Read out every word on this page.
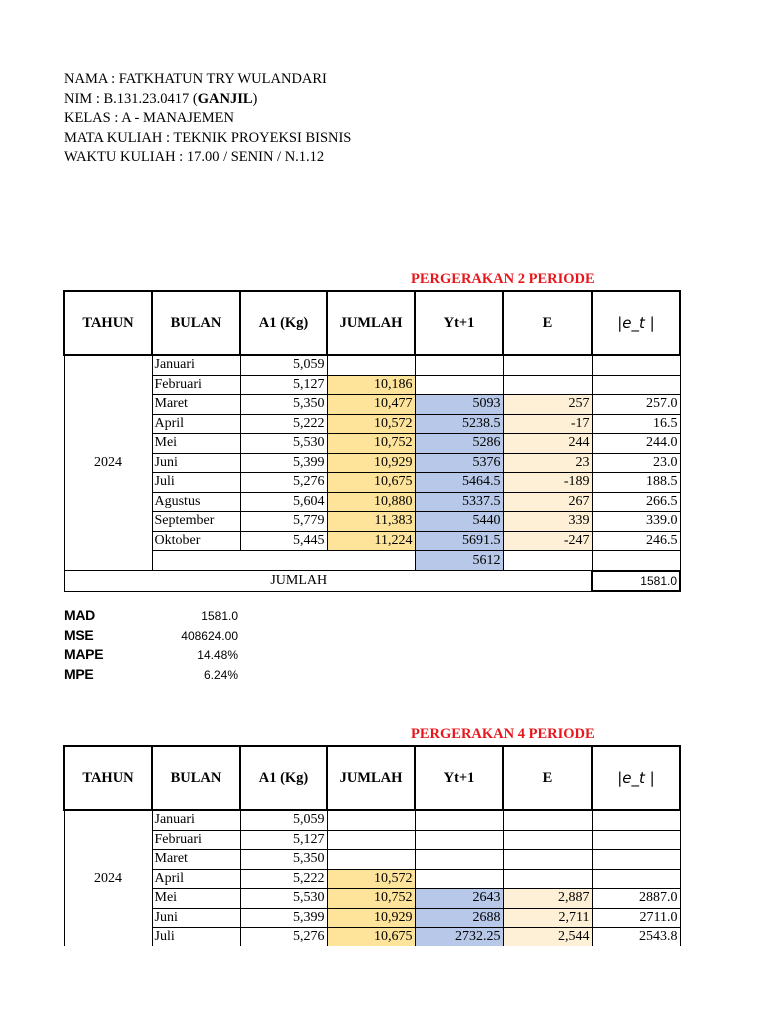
NAMA : FATKHATUN TRY WULANDARI
NIM : B.131.23.0417 (GANJIL)
KELAS : A - MANAJEMEN
MATA KULIAH : TEKNIK PROYEKSI BISNIS
WAKTU KULIAH : 17.00 / SENIN / N.1.12
PERGERAKAN 2 PERIODE
TAHUN	BULAN	A1 (Kg)	JUMLAH	Yt+1	E	|e_t |
2024	Januari	5,059				
	Februari	5,127	10,186			
	Maret	5,350	10,477	5093	257	257.0
	April	5,222	10,572	5238.5	-17	16.5
	Mei	5,530	10,752	5286	244	244.0
	Juni	5,399	10,929	5376	23	23.0
	Juli	5,276	10,675	5464.5	-189	188.5
	Agustus	5,604	10,880	5337.5	267	266.5
	September	5,779	11,383	5440	339	339.0
	Oktober	5,445	11,224	5691.5	-247	246.5
				5612		
JUMLAH						1581.0
MAD	1581.0
MSE	408624.00
MAPE	14.48%
MPE	6.24%
PERGERAKAN 4 PERIODE
TAHUN	BULAN	A1 (Kg)	JUMLAH	Yt+1	E	|e_t |
2024	Januari	5,059				
	Februari	5,127				
	Maret	5,350				
	April	5,222	10,572			
	Mei	5,530	10,752	2643	2,887	2887.0
	Juni	5,399	10,929	2688	2,711	2711.0
	Juli	5,276	10,675	2732.25	2,544	2543.8
